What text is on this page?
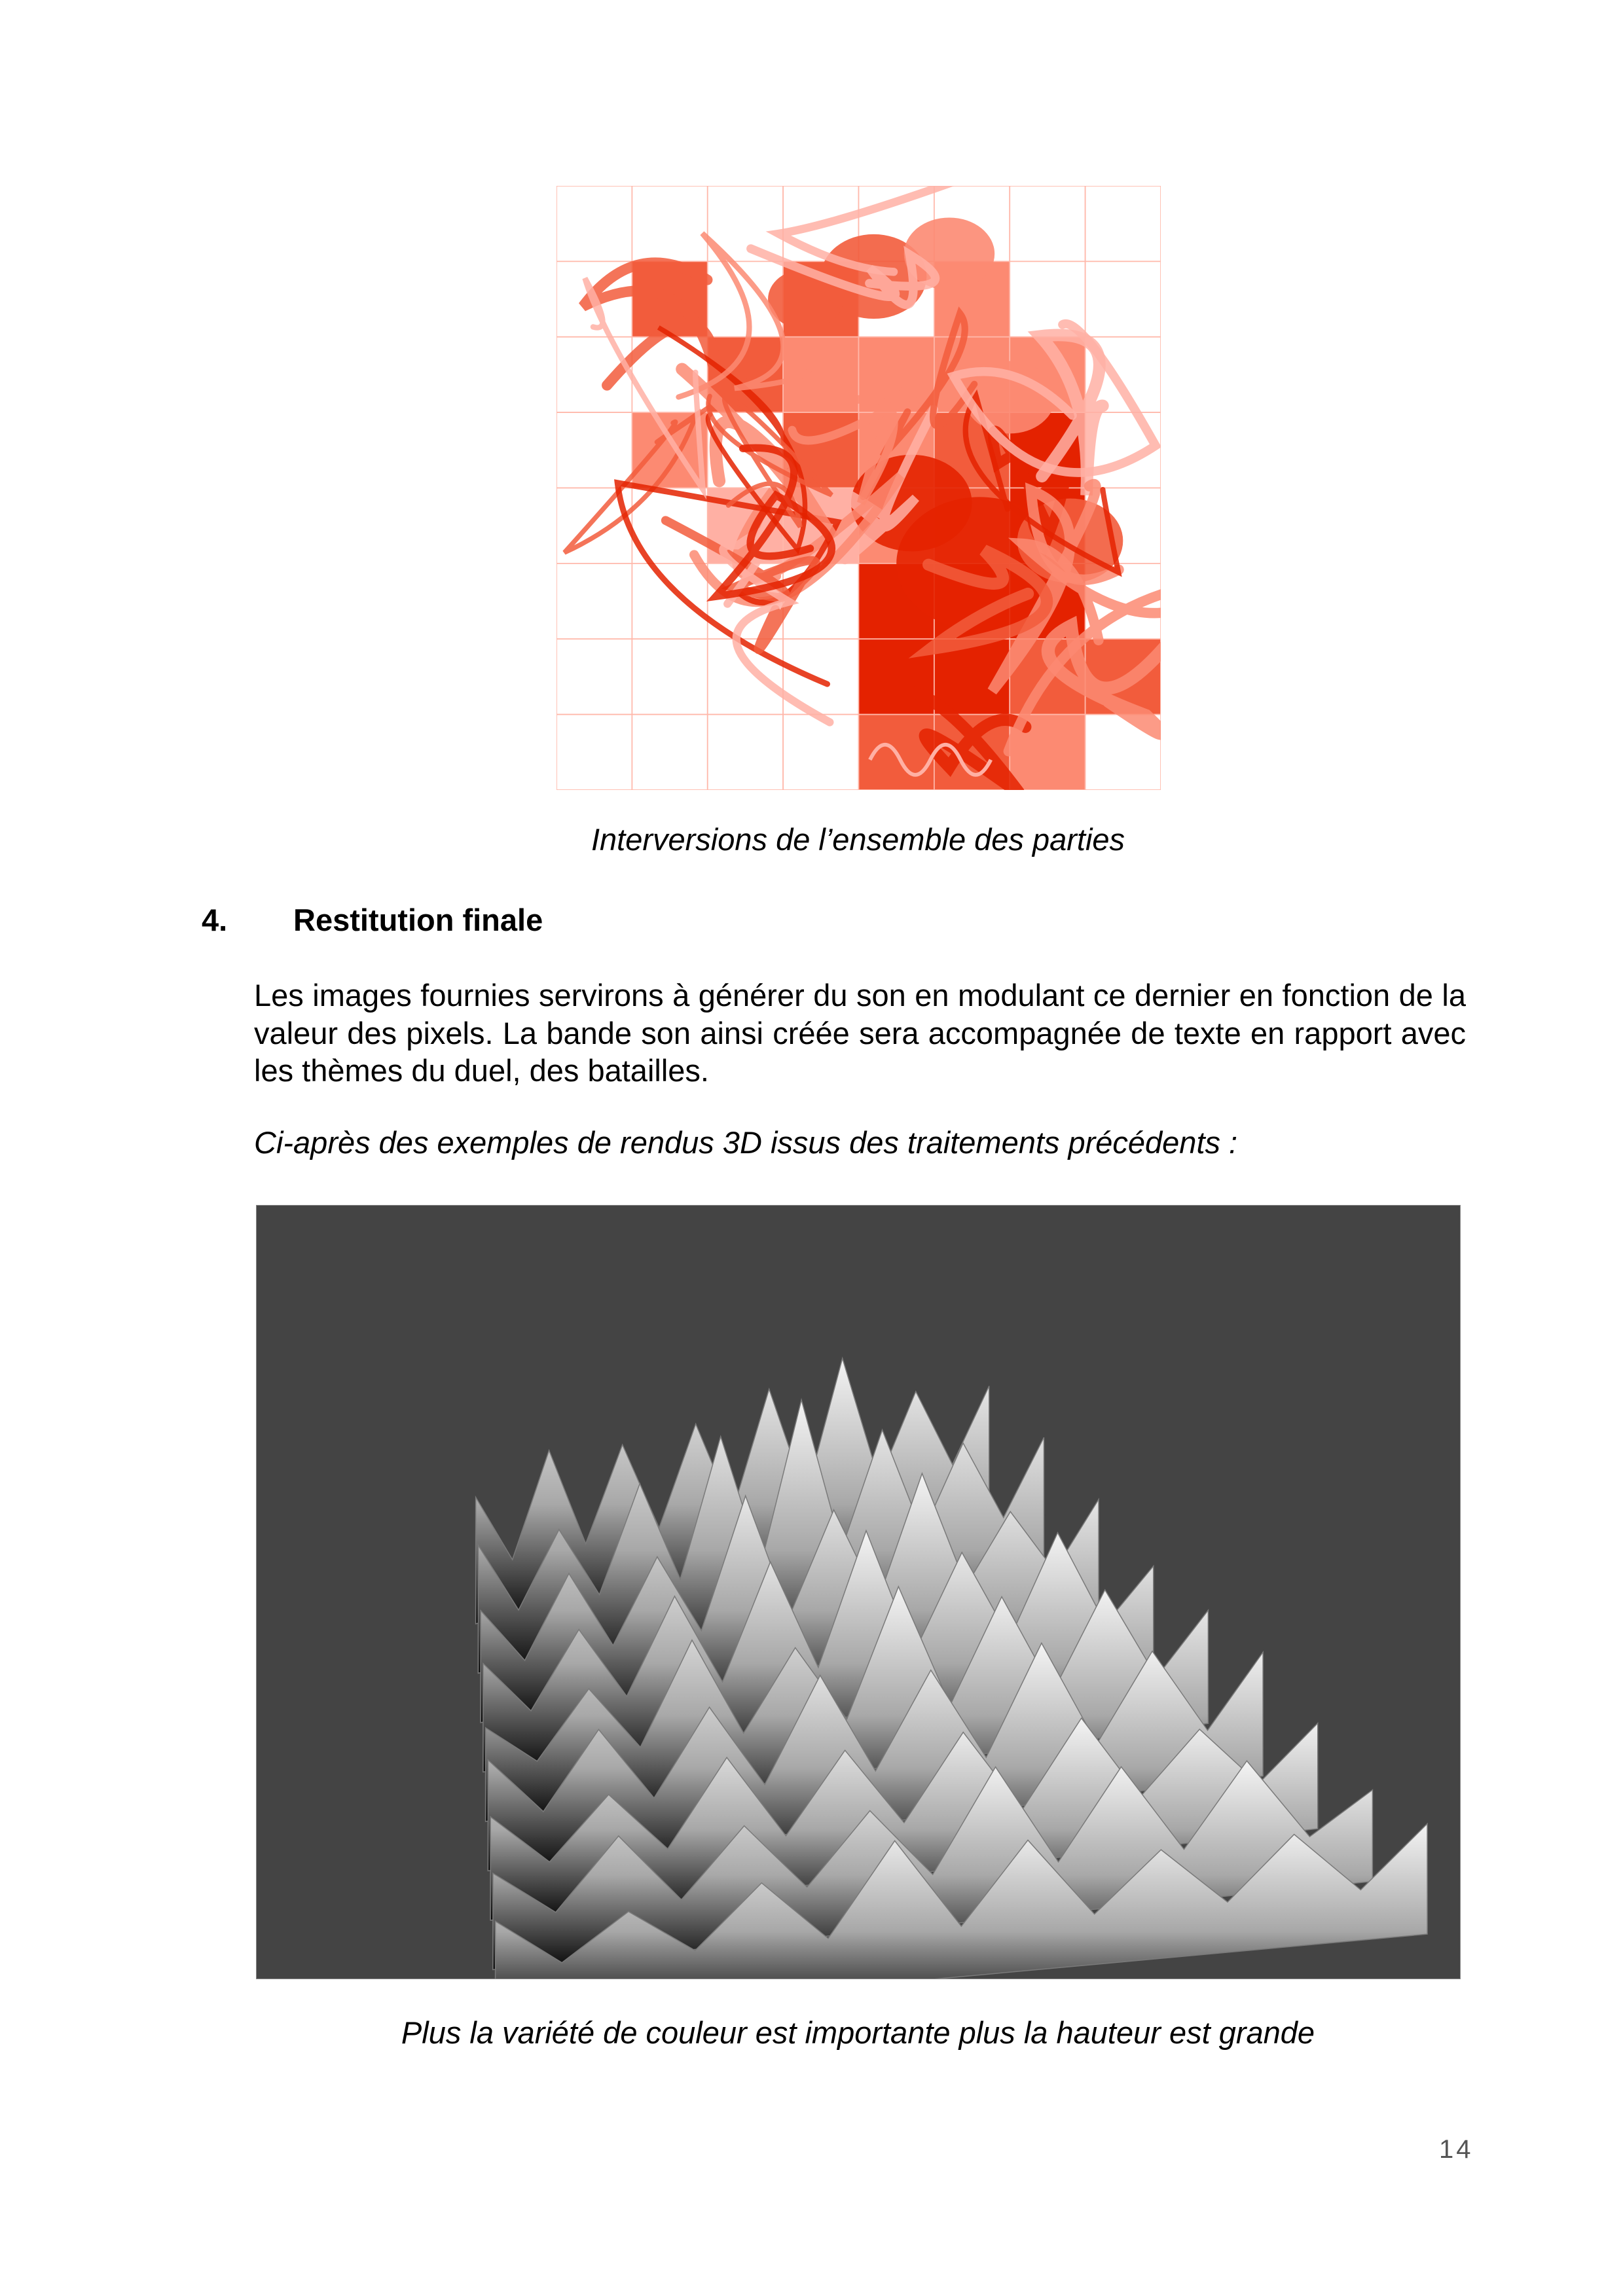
Interversions de l’ensemble des parties
4. Restitution finale
Les images fournies servirons à générer du son en modulant ce dernier en fonction de la valeur des pixels. La bande son ainsi créée sera accompagnée de texte en rapport avec les thèmes du duel, des batailles.
Ci-après des exemples de rendus 3D issus des traitements précédents :
Plus la variété de couleur est importante plus la hauteur est grande
14
